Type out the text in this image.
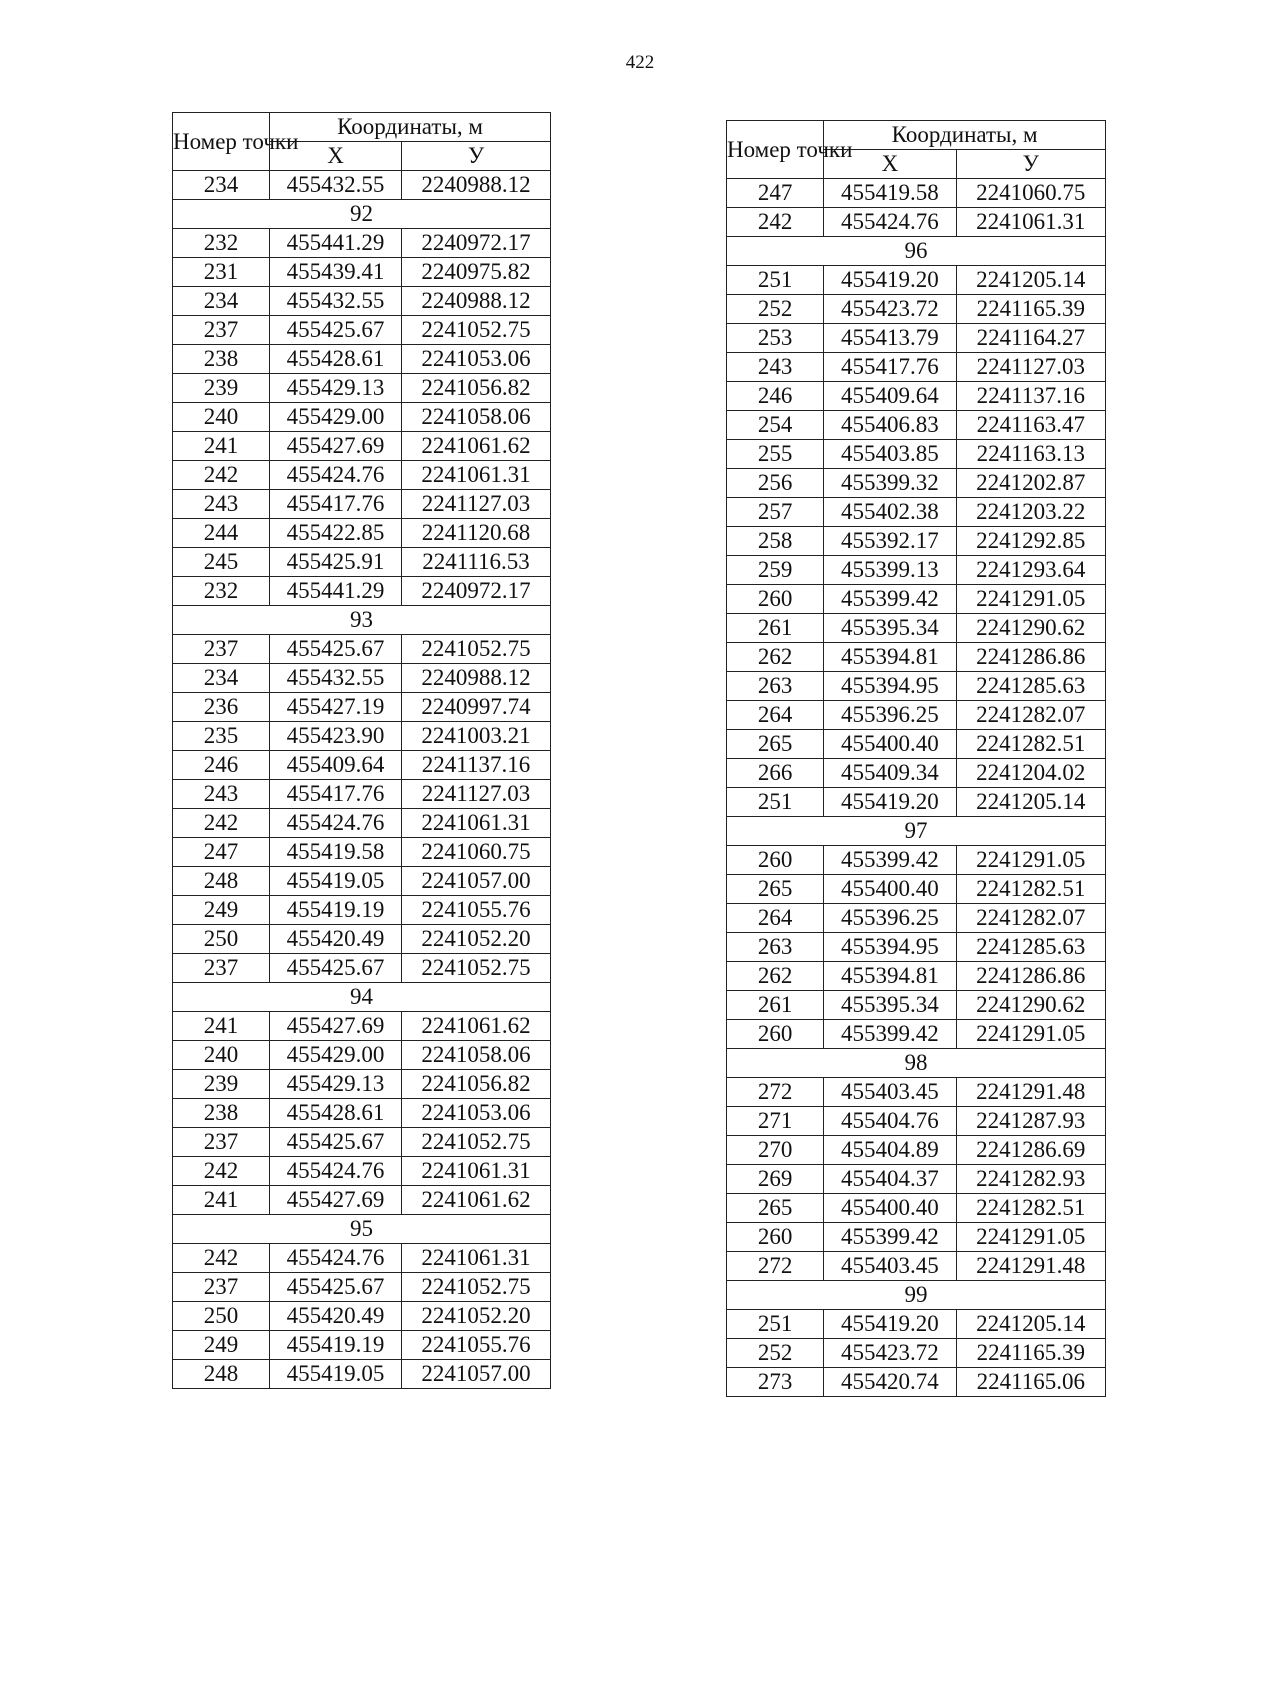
422
Номер точки	Координаты, м	
	X	У
234	455432.55	2240988.12
92		
232	455441.29	2240972.17
231	455439.41	2240975.82
234	455432.55	2240988.12
237	455425.67	2241052.75
238	455428.61	2241053.06
239	455429.13	2241056.82
240	455429.00	2241058.06
241	455427.69	2241061.62
242	455424.76	2241061.31
243	455417.76	2241127.03
244	455422.85	2241120.68
245	455425.91	2241116.53
232	455441.29	2240972.17
93		
237	455425.67	2241052.75
234	455432.55	2240988.12
236	455427.19	2240997.74
235	455423.90	2241003.21
246	455409.64	2241137.16
243	455417.76	2241127.03
242	455424.76	2241061.31
247	455419.58	2241060.75
248	455419.05	2241057.00
249	455419.19	2241055.76
250	455420.49	2241052.20
237	455425.67	2241052.75
94		
241	455427.69	2241061.62
240	455429.00	2241058.06
239	455429.13	2241056.82
238	455428.61	2241053.06
237	455425.67	2241052.75
242	455424.76	2241061.31
241	455427.69	2241061.62
95		
242	455424.76	2241061.31
237	455425.67	2241052.75
250	455420.49	2241052.20
249	455419.19	2241055.76
248	455419.05	2241057.00
Номер точки	Координаты, м	
	X	У
247	455419.58	2241060.75
242	455424.76	2241061.31
96		
251	455419.20	2241205.14
252	455423.72	2241165.39
253	455413.79	2241164.27
243	455417.76	2241127.03
246	455409.64	2241137.16
254	455406.83	2241163.47
255	455403.85	2241163.13
256	455399.32	2241202.87
257	455402.38	2241203.22
258	455392.17	2241292.85
259	455399.13	2241293.64
260	455399.42	2241291.05
261	455395.34	2241290.62
262	455394.81	2241286.86
263	455394.95	2241285.63
264	455396.25	2241282.07
265	455400.40	2241282.51
266	455409.34	2241204.02
251	455419.20	2241205.14
97		
260	455399.42	2241291.05
265	455400.40	2241282.51
264	455396.25	2241282.07
263	455394.95	2241285.63
262	455394.81	2241286.86
261	455395.34	2241290.62
260	455399.42	2241291.05
98		
272	455403.45	2241291.48
271	455404.76	2241287.93
270	455404.89	2241286.69
269	455404.37	2241282.93
265	455400.40	2241282.51
260	455399.42	2241291.05
272	455403.45	2241291.48
99		
251	455419.20	2241205.14
252	455423.72	2241165.39
273	455420.74	2241165.06
